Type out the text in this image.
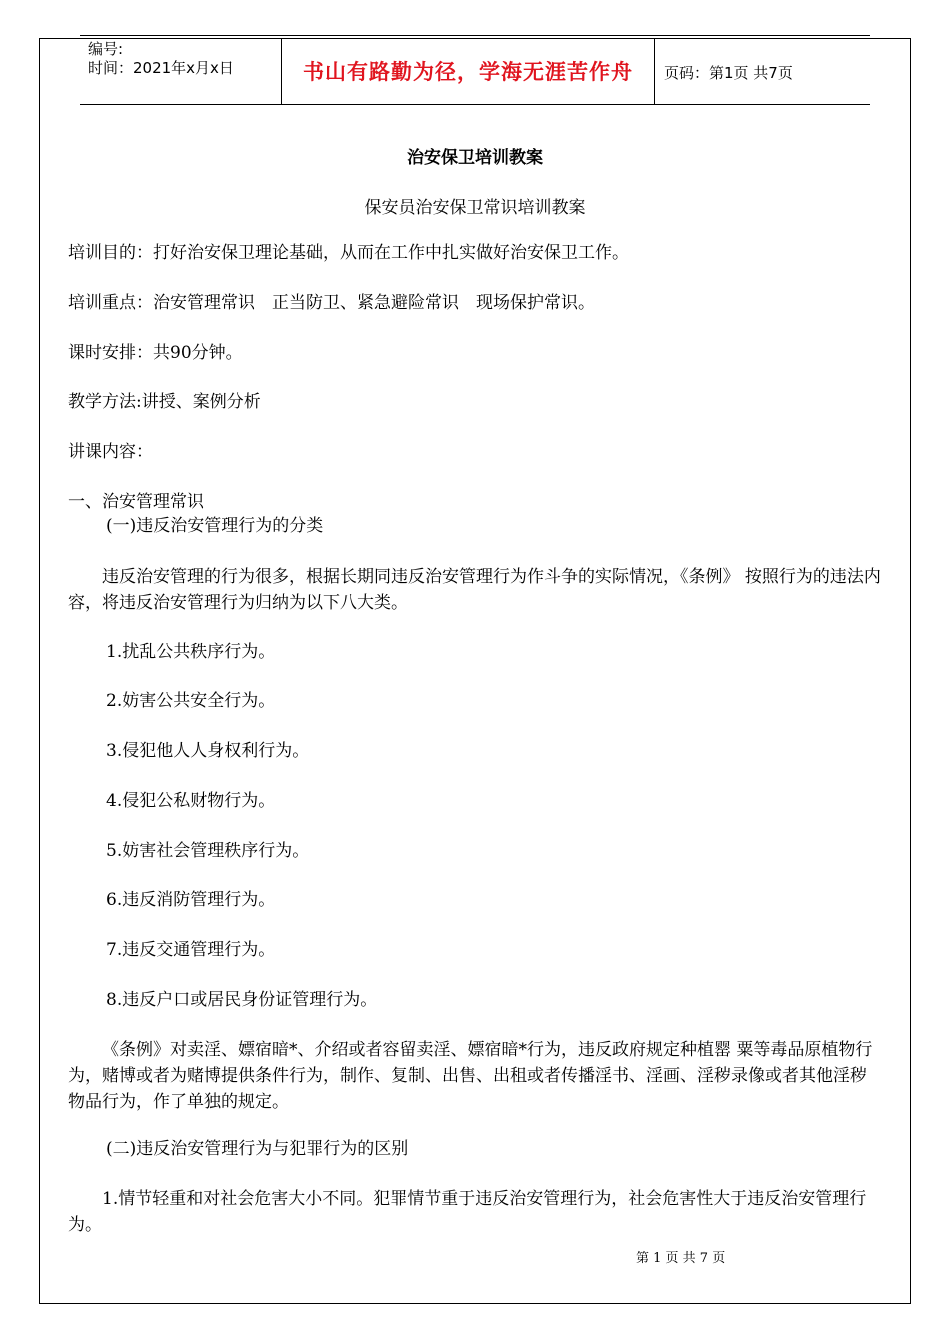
编号:
时间：2021年x月x日	书山有路勤为径，学海无涯苦作舟	页码：第1页 共7页
治安保卫培训教案
保安员治安保卫常识培训教案

培训目的：打好治安保卫理论基础，从而在工作中扎实做好治安保卫工作。

培训重点：治安管理常识　正当防卫、紧急避险常识　现场保护常识。

课时安排：共90分钟。

教学方法:讲授、案例分析

讲课内容：

一、治安管理常识

(一)违反治安管理行为的分类

违反治安管理的行为很多，根据长期同违反治安管理行为作斗争的实际情况，《条例》 按照行为的违法内容，将违反治安管理行为归纳为以下八大类。

1.扰乱公共秩序行为。

2.妨害公共安全行为。

3.侵犯他人人身权利行为。

4.侵犯公私财物行为。

5.妨害社会管理秩序行为。

6.违反消防管理行为。

7.违反交通管理行为。

8.违反户口或居民身份证管理行为。

《条例》对卖淫、嫖宿暗*、介绍或者容留卖淫、嫖宿暗*行为，违反政府规定种植罂 粟等毒品原植物行为，赌博或者为赌博提供条件行为，制作、复制、出售、出租或者传播淫书、淫画、淫秽录像或者其他淫秽物品行为，作了单独的规定。

(二)违反治安管理行为与犯罪行为的区别

1.情节轻重和对社会危害大小不同。犯罪情节重于违反治安管理行为，社会危害性大于违反治安管理行为。

第 1 页 共 7 页
